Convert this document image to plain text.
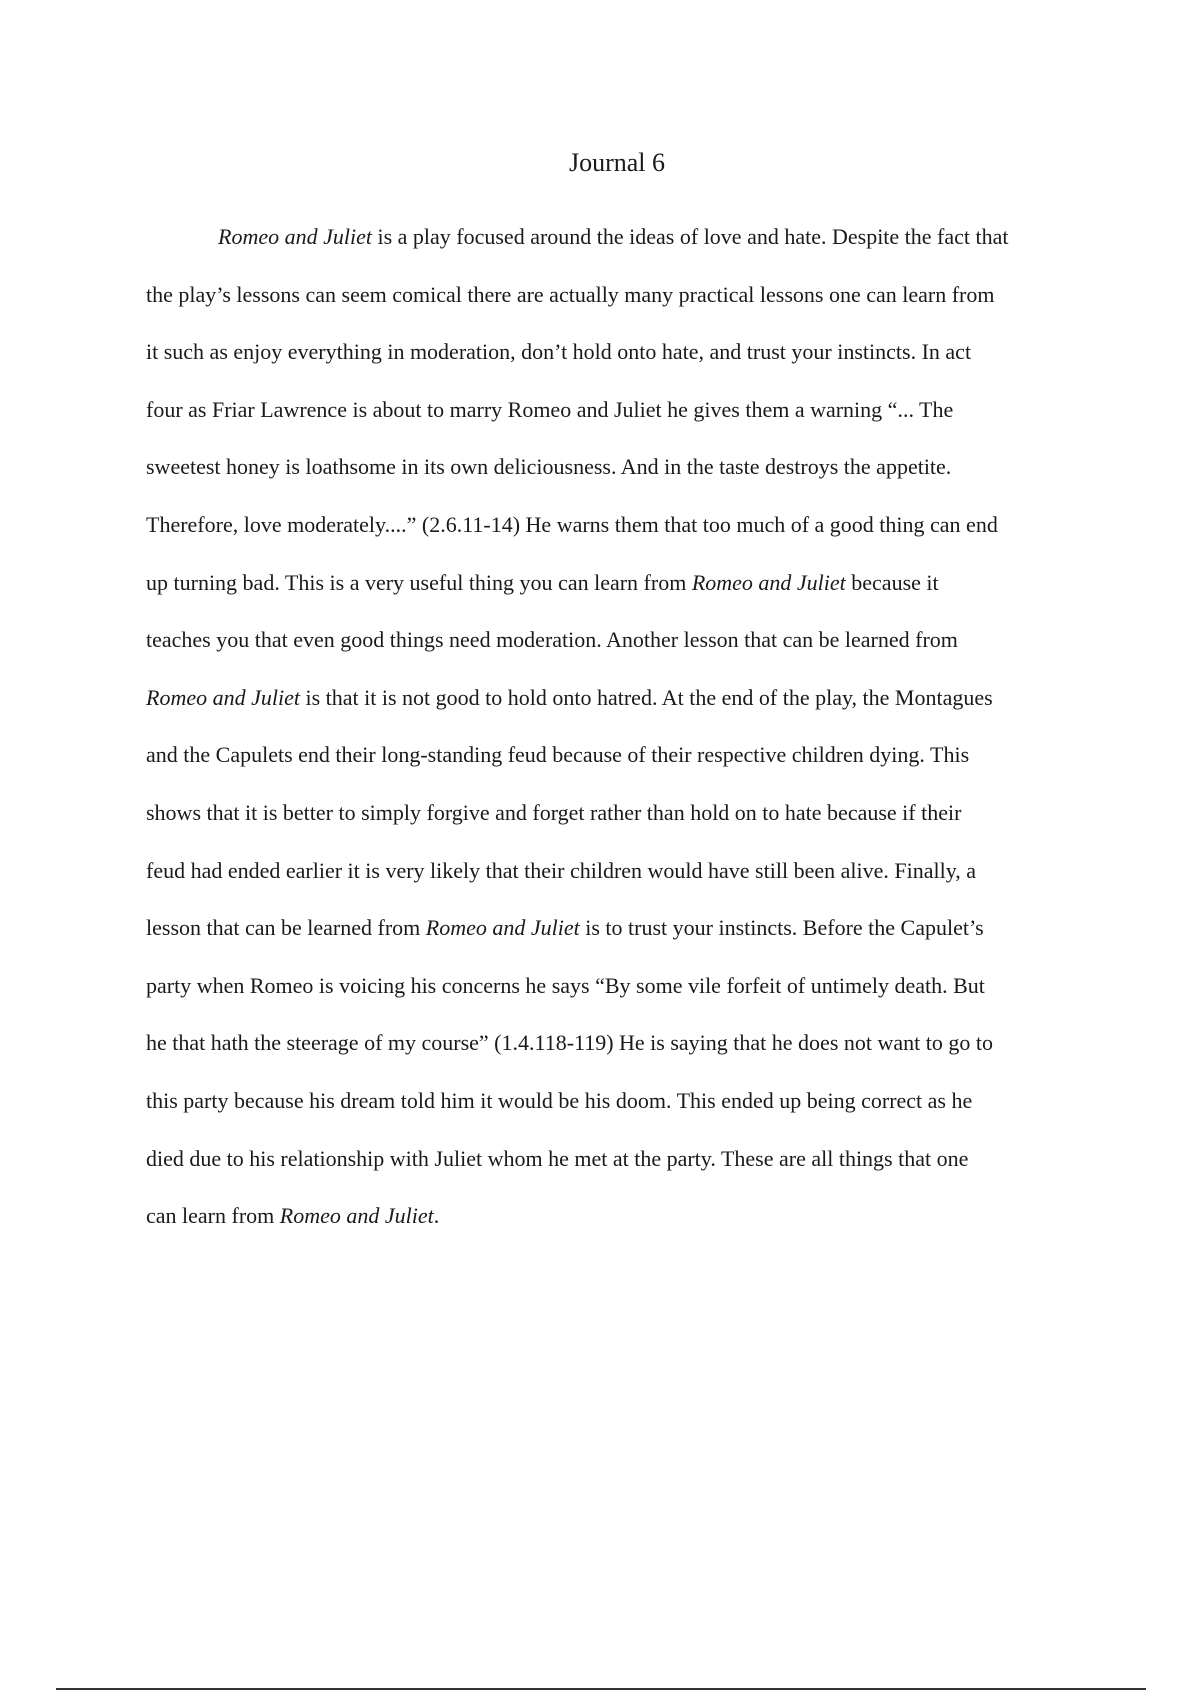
Journal 6
Romeo and Juliet is a play focused around the ideas of love and hate. Despite the fact that
the play’s lessons can seem comical there are actually many practical lessons one can learn from
it such as enjoy everything in moderation, don’t hold onto hate, and trust your instincts. In act
four as Friar Lawrence is about to marry Romeo and Juliet he gives them a warning “... The
sweetest honey is loathsome in its own deliciousness. And in the taste destroys the appetite.
Therefore, love moderately....” (2.6.11-14) He warns them that too much of a good thing can end
up turning bad. This is a very useful thing you can learn from Romeo and Juliet because it
teaches you that even good things need moderation. Another lesson that can be learned from
Romeo and Juliet is that it is not good to hold onto hatred. At the end of the play, the Montagues
and the Capulets end their long-standing feud because of their respective children dying. This
shows that it is better to simply forgive and forget rather than hold on to hate because if their
feud had ended earlier it is very likely that their children would have still been alive. Finally, a
lesson that can be learned from Romeo and Juliet is to trust your instincts. Before the Capulet’s
party when Romeo is voicing his concerns he says “By some vile forfeit of untimely death. But
he that hath the steerage of my course” (1.4.118-119) He is saying that he does not want to go to
this party because his dream told him it would be his doom. This ended up being correct as he
died due to his relationship with Juliet whom he met at the party. These are all things that one
can learn from Romeo and Juliet.
